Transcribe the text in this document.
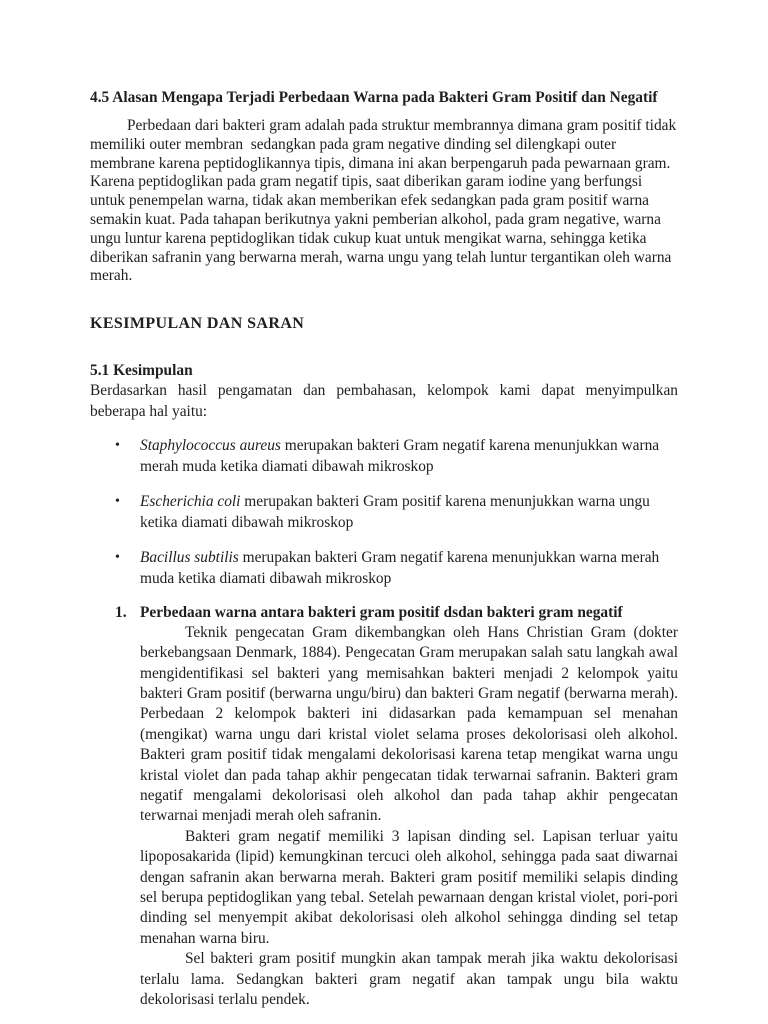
4.5 Alasan Mengapa Terjadi Perbedaan Warna pada Bakteri Gram Positif dan Negatif

Perbedaan dari bakteri gram adalah pada struktur membrannya dimana gram positif tidak memiliki outer membran  sedangkan pada gram negative dinding sel dilengkapi outer membrane karena peptidoglikannya tipis, dimana ini akan berpengaruh pada pewarnaan gram. Karena peptidoglikan pada gram negatif tipis, saat diberikan garam iodine yang berfungsi untuk penempelan warna, tidak akan memberikan efek sedangkan pada gram positif warna semakin kuat. Pada tahapan berikutnya yakni pemberian alkohol, pada gram negative, warna ungu luntur karena peptidoglikan tidak cukup kuat untuk mengikat warna, sehingga ketika diberikan safranin yang berwarna merah, warna ungu yang telah luntur tergantikan oleh warna merah.

KESIMPULAN DAN SARAN
5.1 Kesimpulan

Berdasarkan hasil pengamatan dan pembahasan, kelompok kami dapat menyimpulkan beberapa hal yaitu:

•	Staphylococcus aureus merupakan bakteri Gram negatif karena menunjukkan warna merah muda ketika diamati dibawah mikroskop
•	Escherichia coli merupakan bakteri Gram positif karena menunjukkan warna ungu ketika diamati dibawah mikroskop
•	Bacillus subtilis merupakan bakteri Gram negatif karena menunjukkan warna merah muda ketika diamati dibawah mikroskop
1. Perbedaan warna antara bakteri gram positif dsdan bakteri gram negatif

Teknik pengecatan Gram dikembangkan oleh Hans Christian Gram (dokter berkebangsaan Denmark, 1884). Pengecatan Gram merupakan salah satu langkah awal mengidentifikasi sel bakteri yang memisahkan bakteri menjadi 2 kelompok yaitu bakteri Gram positif (berwarna ungu/biru) dan bakteri Gram negatif (berwarna merah). Perbedaan 2 kelompok bakteri ini didasarkan pada kemampuan sel menahan (mengikat) warna ungu dari kristal violet selama proses dekolorisasi oleh alkohol. Bakteri gram positif tidak mengalami dekolorisasi karena tetap mengikat warna ungu kristal violet dan pada tahap akhir pengecatan tidak terwarnai safranin. Bakteri gram negatif mengalami dekolorisasi oleh alkohol dan pada tahap akhir pengecatan terwarnai menjadi merah oleh safranin.

Bakteri gram negatif memiliki 3 lapisan dinding sel. Lapisan terluar yaitu lipoposakarida (lipid) kemungkinan tercuci oleh alkohol, sehingga pada saat diwarnai dengan safranin akan berwarna merah. Bakteri gram positif memiliki selapis dinding sel berupa peptidoglikan yang tebal. Setelah pewarnaan dengan kristal violet, pori-pori dinding sel menyempit akibat dekolorisasi oleh alkohol sehingga dinding sel tetap menahan warna biru.

Sel bakteri gram positif mungkin akan tampak merah jika waktu dekolorisasi terlalu lama. Sedangkan bakteri gram negatif akan tampak ungu bila waktu dekolorisasi terlalu pendek.
